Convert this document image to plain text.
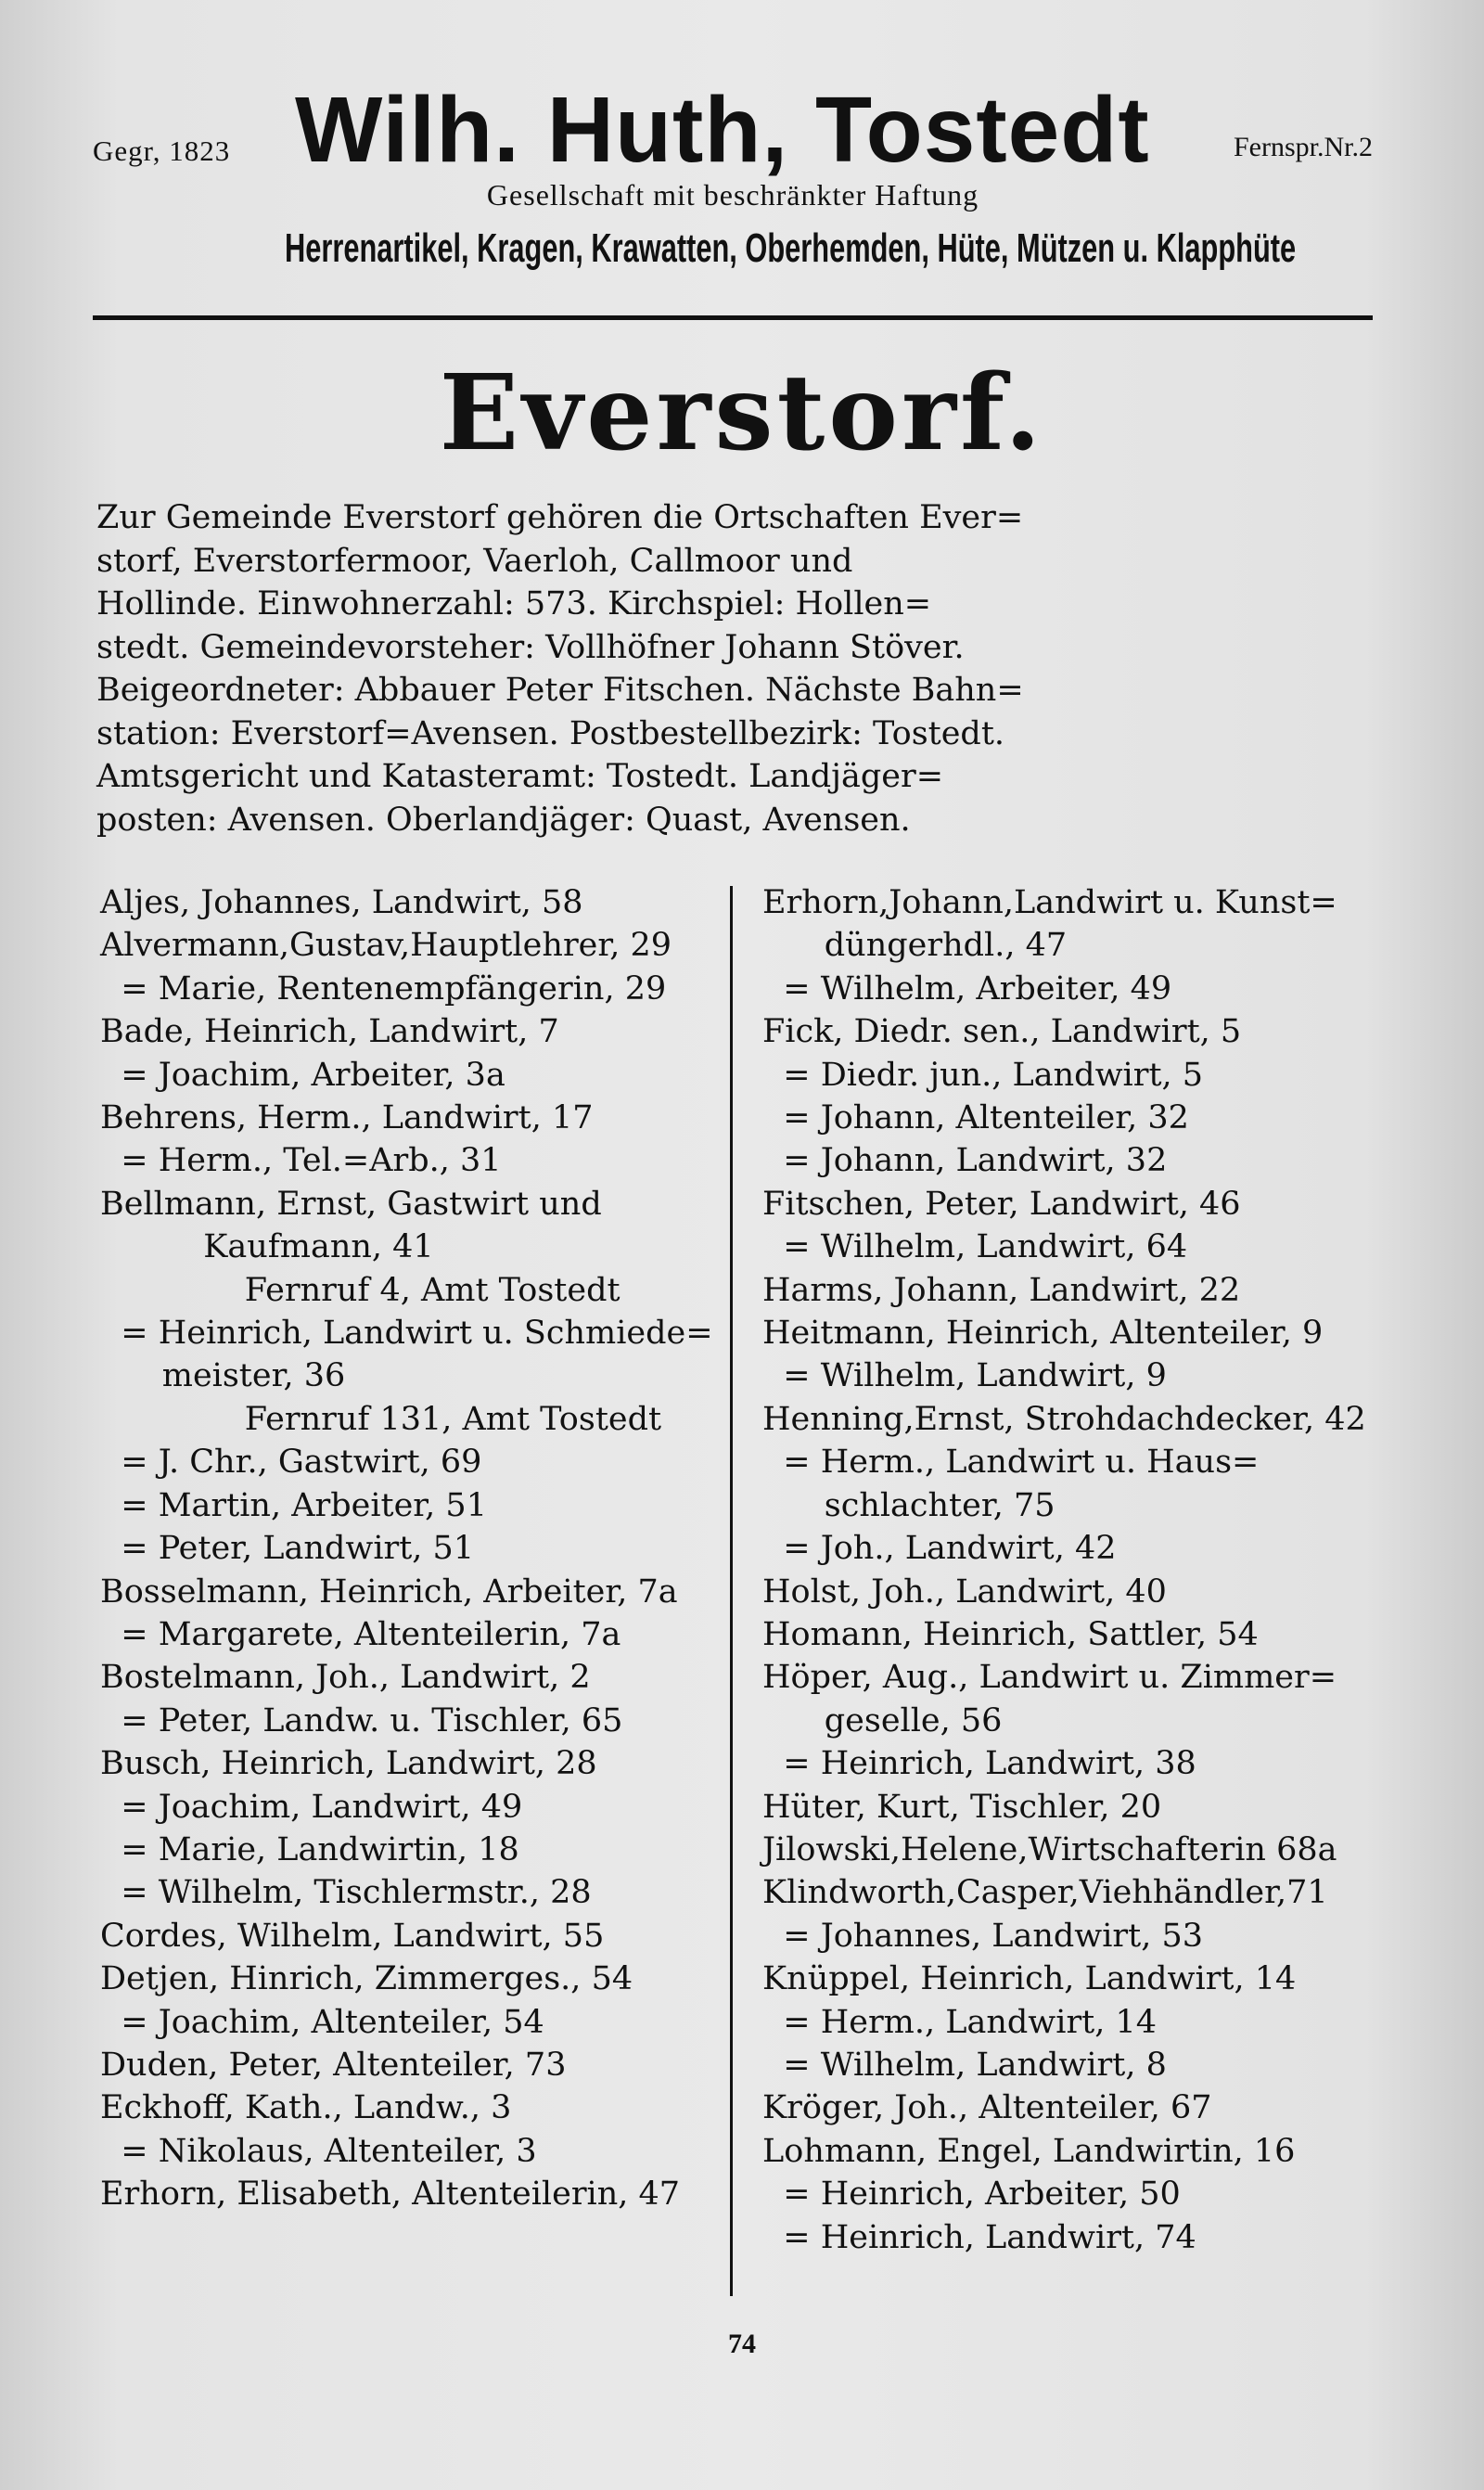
Gegr, 1823 Wilh. Huth, Tostedt	Fernspr.Nr.2
Gesellschaft mit beschränkter Haftung
Herrenartikel, Kragen, Krawatten, Oberhemden, Hüte, Mützen u. Klapphüte
Everstorf.
Zur Gemeinde Everstorf gehören die Ortschaften Ever=
storf, Everstorfermoor, Vaerloh, Callmoor und
Hollinde. Einwohnerzahl: 573. Kirchspiel: Hollen=
stedt. Gemeindevorsteher: Vollhöfner Johann Stöver.
Beigeordneter: Abbauer Peter Fitschen. Nächste Bahn=
station: Everstorf=Avensen. Postbestellbezirk: Tostedt.
Amtsgericht und Katasteramt: Tostedt. Landjäger=
posten: Avensen. Oberlandjäger: Quast, Avensen.
Aljes, Johannes, Landwirt, 58
Alvermann,Gustav,Hauptlehrer, 29
= Marie, Rentenempfängerin, 29
Bade, Heinrich, Landwirt, 7
= Joachim, Arbeiter, 3a
Behrens, Herm., Landwirt, 17
= Herm., Tel.=Arb., 31
Bellmann, Ernst, Gastwirt und
Kaufmann, 41
Fernruf 4, Amt Tostedt
= Heinrich, Landwirt u. Schmiede=
meister, 36
Fernruf 131, Amt Tostedt
= J. Chr., Gastwirt, 69
= Martin, Arbeiter, 51
= Peter, Landwirt, 51
Bosselmann, Heinrich, Arbeiter, 7a
= Margarete, Altenteilerin, 7a
Bostelmann, Joh., Landwirt, 2
= Peter, Landw. u. Tischler, 65
Busch, Heinrich, Landwirt, 28
= Joachim, Landwirt, 49
= Marie, Landwirtin, 18
= Wilhelm, Tischlermstr., 28
Cordes, Wilhelm, Landwirt, 55
Detjen, Hinrich, Zimmerges., 54
= Joachim, Altenteiler, 54
Duden, Peter, Altenteiler, 73
Eckhoff, Kath., Landw., 3
= Nikolaus, Altenteiler, 3
Erhorn, Elisabeth, Altenteilerin, 47
Erhorn,Johann,Landwirt u. Kunst=
düngerhdl., 47
= Wilhelm, Arbeiter, 49
Fick, Diedr. sen., Landwirt, 5
= Diedr. jun., Landwirt, 5
= Johann, Altenteiler, 32
= Johann, Landwirt, 32
Fitschen, Peter, Landwirt, 46
= Wilhelm, Landwirt, 64
Harms, Johann, Landwirt, 22
Heitmann, Heinrich, Altenteiler, 9
= Wilhelm, Landwirt, 9
Henning,Ernst, Strohdachdecker, 42
= Herm., Landwirt u. Haus=
schlachter, 75
= Joh., Landwirt, 42
Holst, Joh., Landwirt, 40
Homann, Heinrich, Sattler, 54
Höper, Aug., Landwirt u. Zimmer=
geselle, 56
= Heinrich, Landwirt, 38
Hüter, Kurt, Tischler, 20
Jilowski,Helene,Wirtschafterin 68a
Klindworth,Casper,Viehhändler,71
= Johannes, Landwirt, 53
Knüppel, Heinrich, Landwirt, 14
= Herm., Landwirt, 14
= Wilhelm, Landwirt, 8
Kröger, Joh., Altenteiler, 67
Lohmann, Engel, Landwirtin, 16
= Heinrich, Arbeiter, 50
= Heinrich, Landwirt, 74
74
